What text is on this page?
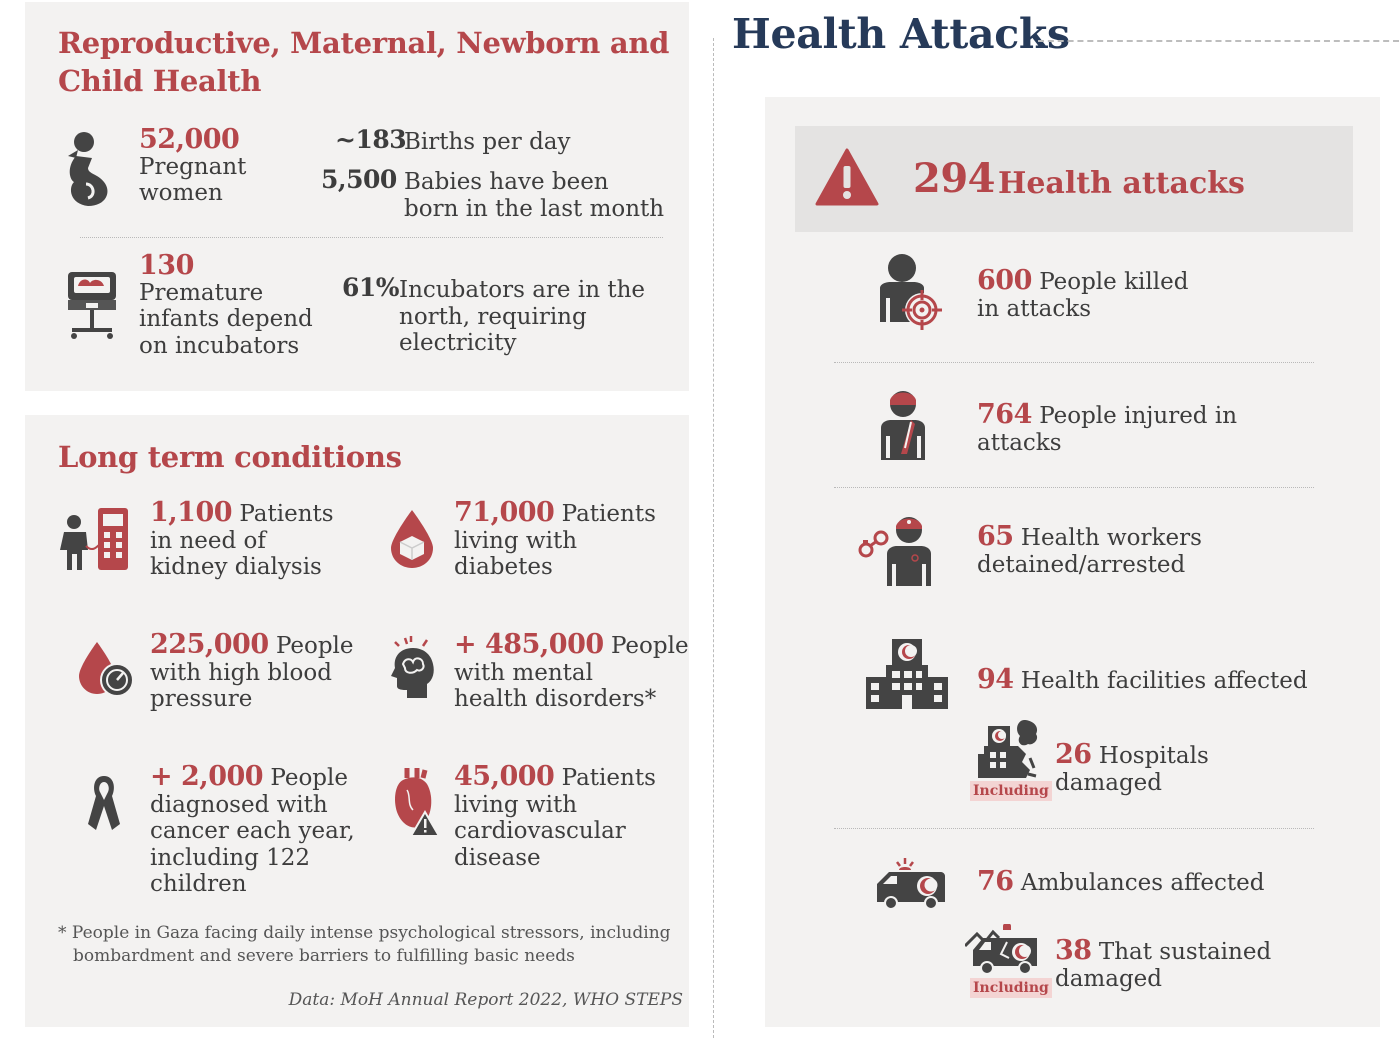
Reproductive, Maternal, Newborn and
Child Health
52,000
Pregnant
women
~183
Births per day
5,500 Babies have been
born in the last month
130
Premature
infants depend
on incubators
61% Incubators are in the
north, requiring
electricity
Long term conditions
1,100 Patients
in need of
kidney dialysis
71,000 Patients
living with
diabetes
225,000 People
with high blood
pressure
+ 485,000 People
with mental
health disorders*
+ 2,000 People
diagnosed with
cancer each year,
including 122
children
45,000 Patients
living with
cardiovascular
disease
* People in Gaza facing daily intense psychological stressors, including
bombardment and severe barriers to fulfilling basic needs
Data: MoH Annual Report 2022, WHO STEPS
Health Attacks
294 Health attacks
600 People killed
in attacks
764 People injured in
attacks
65 Health workers
detained/arrested
94 Health facilities affected
Including
26 Hospitals
damaged
76 Ambulances affected
Including
38 That sustained
damaged
